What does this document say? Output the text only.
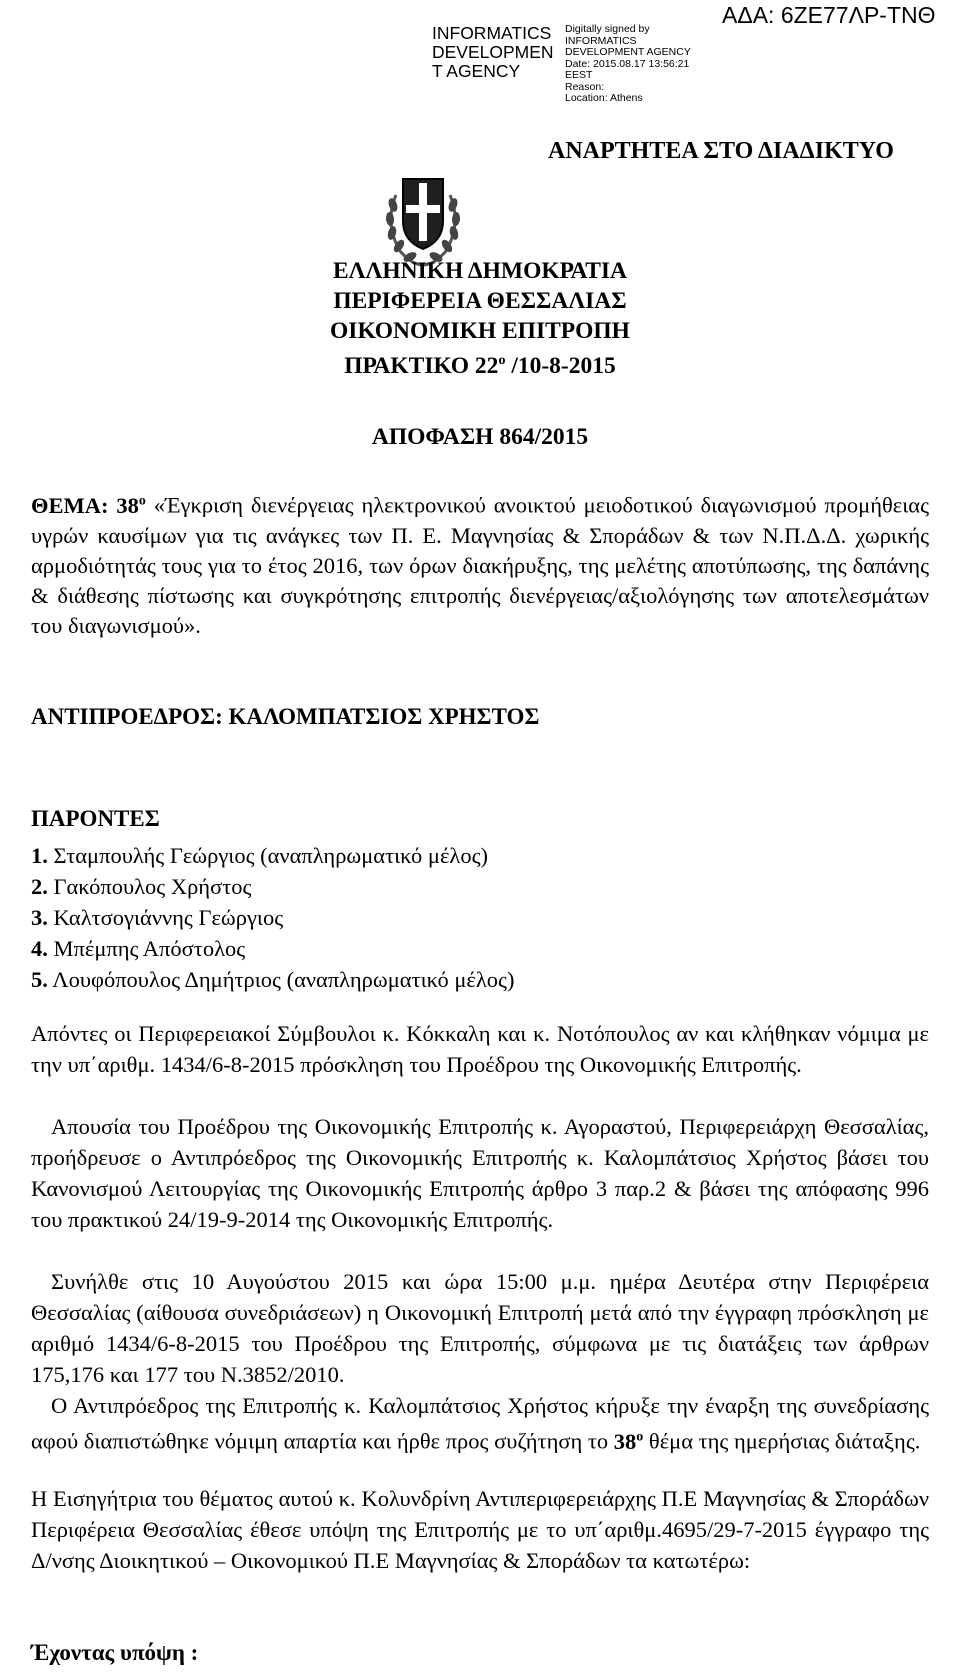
INFORMATICS
DEVELOPMEN
T AGENCY
Digitally signed by
INFORMATICS
DEVELOPMENT AGENCY
Date: 2015.08.17 13:56:21
EEST
Reason:
Location: Athens
ΑΔΑ: 6ΖΕ77ΛΡ-ΤΝΘ
ΑΝΑΡΤΗΤΕΑ ΣΤΟ ΔΙΑΔΙΚΤΥΟ
ΕΛΛΗΝΙΚΗ ΔΗΜΟΚΡΑΤΙΑ
ΠΕΡΙΦΕΡΕΙΑ ΘΕΣΣΑΛΙΑΣ
ΟΙΚΟΝΟΜΙΚΗ ΕΠΙΤΡΟΠΗ
ΠΡΑΚΤΙΚΟ $22^o$ /10-8-2015
ΑΠΟΦΑΣΗ 864/2015
ΘΕΜΑ: $38^o$ «Έγκριση διενέργειας ηλεκτρονικού ανοικτού μειοδοτικού διαγωνισμού προμήθειας υγρών καυσίμων για τις ανάγκες των Π. Ε. Μαγνησίας & Σποράδων & των Ν.Π.Δ.Δ. χωρικής αρμοδιότητάς τους για το έτος 2016, των όρων διακήρυξης, της μελέτης αποτύπωσης, της δαπάνης & διάθεσης πίστωσης και συγκρότησης επιτροπής διενέργειας/αξιολόγησης των αποτελεσμάτων του διαγωνισμού».
ΑΝΤΙΠΡΟΕΔΡΟΣ: ΚΑΛΟΜΠΑΤΣΙΟΣ ΧΡΗΣΤΟΣ
ΠΑΡΟΝΤΕΣ
1. Σταμπουλής Γεώργιος (αναπληρωματικό μέλος)
2. Γακόπουλος Χρήστος
3. Καλτσογιάννης Γεώργιος
4. Μπέμπης Απόστολος
5. Λουφόπουλος Δημήτριος (αναπληρωματικό μέλος)

Απόντες οι Περιφερειακοί Σύμβουλοι κ. Κόκκαλη και κ. Νοτόπουλος αν και κλήθηκαν νόμιμα με την υπ΄αριθμ. 1434/6-8-2015 πρόσκληση του Προέδρου της Οικονομικής Επιτροπής.

Απουσία του Προέδρου της Οικονομικής Επιτροπής κ. Αγοραστού, Περιφερειάρχη Θεσσαλίας, προήδρευσε ο Αντιπρόεδρος της Οικονομικής Επιτροπής κ. Καλομπάτσιος Χρήστος βάσει του Κανονισμού Λειτουργίας της Οικονομικής Επιτροπής άρθρο 3 παρ.2 & βάσει της απόφασης 996 του πρακτικού 24/19-9-2014 της Οικονομικής Επιτροπής.

Συνήλθε στις 10 Αυγούστου 2015 και ώρα 15:00 μ.μ. ημέρα Δευτέρα στην Περιφέρεια Θεσσαλίας (αίθουσα συνεδριάσεων) η Οικονομική Επιτροπή μετά από την έγγραφη πρόσκληση με αριθμό 1434/6-8-2015 του Προέδρου της Επιτροπής, σύμφωνα με τις διατάξεις των άρθρων 175,176 και 177 του Ν.3852/2010.

Ο Αντιπρόεδρος της Επιτροπής κ. Καλομπάτσιος Χρήστος κήρυξε την έναρξη της συνεδρίασης αφού διαπιστώθηκε νόμιμη απαρτία και ήρθε προς συζήτηση το $38^o$ θέμα της ημερήσιας διάταξης.

Η Εισηγήτρια του θέματος αυτού κ. Κολυνδρίνη Αντιπεριφερειάρχης Π.Ε Μαγνησίας & Σποράδων Περιφέρεια Θεσσαλίας έθεσε υπόψη της Επιτροπής με το υπ΄αριθμ.4695/29-7-2015 έγγραφο της Δ/νσης Διοικητικού – Οικονομικού Π.Ε Μαγνησίας & Σποράδων τα κατωτέρω:

Έχοντας υπόψη :
